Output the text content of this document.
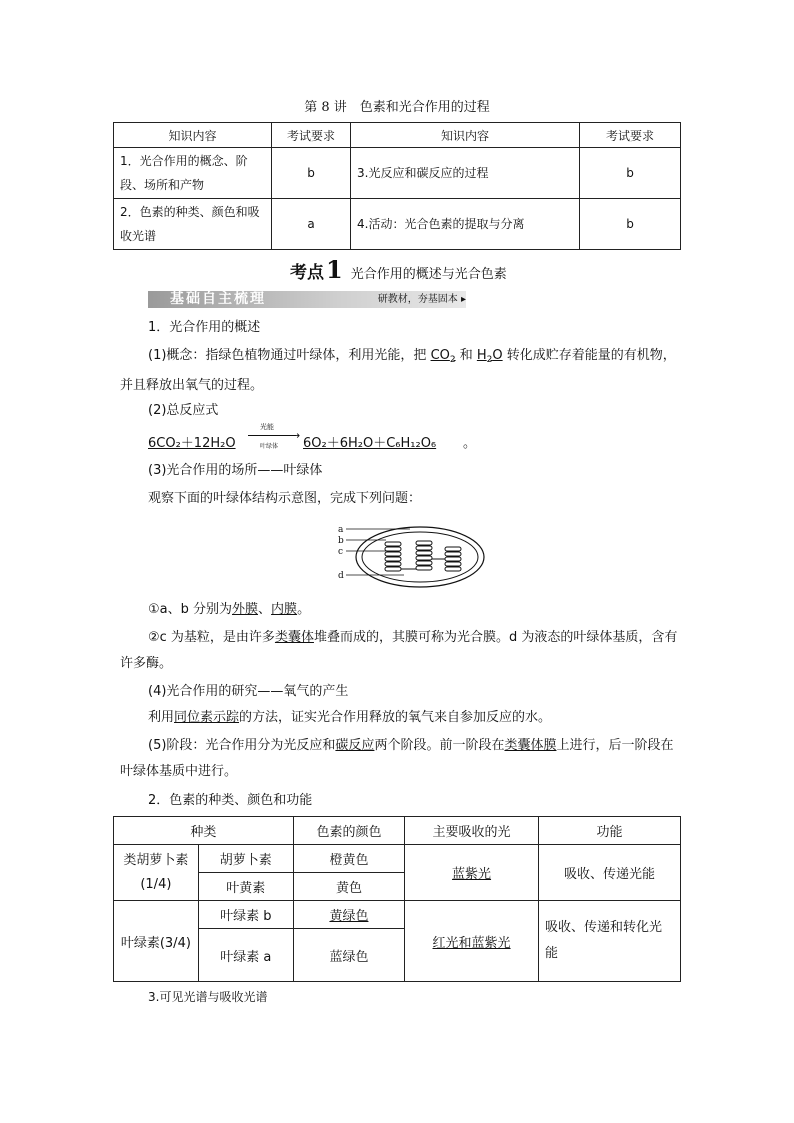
第 8 讲　色素和光合作用的过程
知识内容	考试要求	知识内容	考试要求
1．光合作用的概念、阶段、场所和产物	b	3.光反应和碳反应的过程	b
2．色素的种类、颜色和吸收光谱	a	4.活动：光合色素的提取与分离	b
考点1 光合作用的概述与光合色素
基础自主梳理	研教材，夯基固本 ▸
1．光合作用的概述
(1)概念：指绿色植物通过叶绿体，利用光能，把 $CO_2$ 和 $H_2O$ 转化成贮存着能量的有机物，并且释放出氧气的过程。
(2)总反应式
6CO₂＋12H₂O
光能
→
叶绿体 6O₂＋6H₂O＋C₆H₁₂O₆ 。
(3)光合作用的场所——叶绿体
观察下面的叶绿体结构示意图，完成下列问题：
a
b
c
d
①a、b 分别为外膜、内膜。
②c 为基粒，是由许多类囊体堆叠而成的，其膜可称为光合膜。d 为液态的叶绿体基质，含有许多酶。
(4)光合作用的研究——氧气的产生
利用同位素示踪的方法，证实光合作用释放的氧气来自参加反应的水。
(5)阶段：光合作用分为光反应和碳反应两个阶段。前一阶段在类囊体膜上进行，后一阶段在叶绿体基质中进行。
2．色素的种类、颜色和功能
种类		色素的颜色	主要吸收的光	功能
类胡萝卜素(1/4)	胡萝卜素	橙黄色	蓝紫光	吸收、传递光能
	叶黄素	黄色		
叶绿素(3/4)	叶绿素 b	黄绿色	红光和蓝紫光	吸收、传递和转化光能
	叶绿素 a	蓝绿色		
3.可见光谱与吸收光谱
